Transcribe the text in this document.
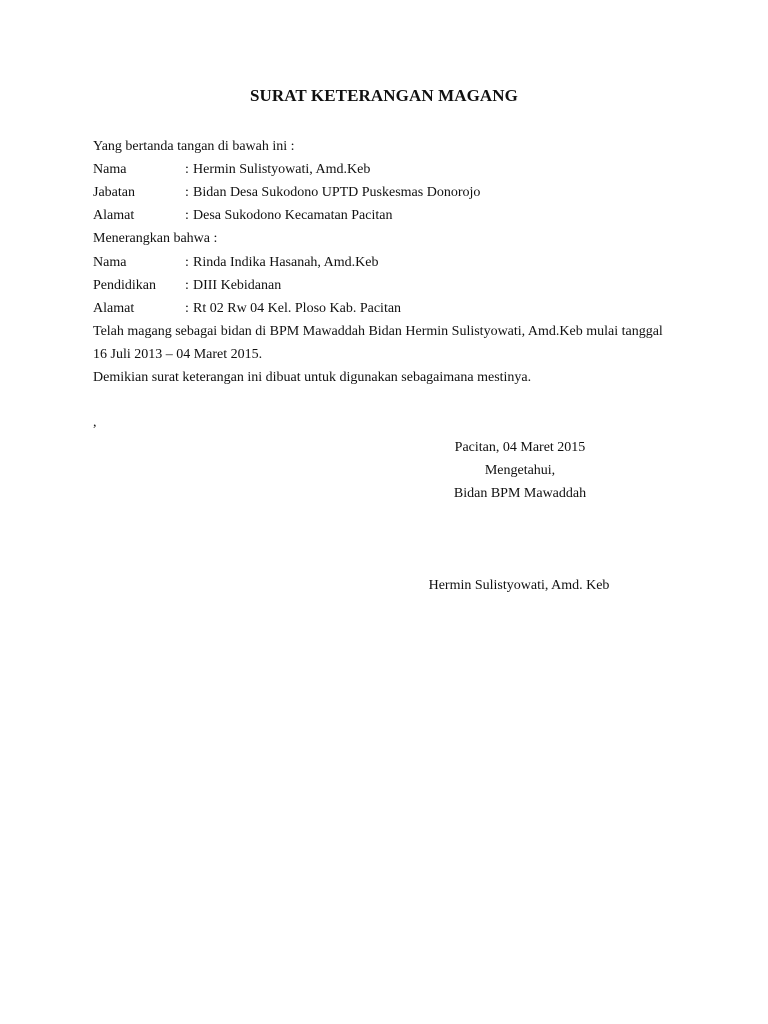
SURAT KETERANGAN MAGANG
Yang bertanda tangan di bawah ini :
Nama	: Hermin Sulistyowati, Amd.Keb
Jabatan	: Bidan Desa Sukodono UPTD Puskesmas Donorojo
Alamat	: Desa Sukodono Kecamatan Pacitan
Menerangkan bahwa :
Nama	: Rinda Indika Hasanah, Amd.Keb
Pendidikan : DIII Kebidanan
Alamat	: Rt 02 Rw 04 Kel. Ploso Kab. Pacitan
Telah magang sebagai bidan di BPM Mawaddah Bidan Hermin Sulistyowati, Amd.Keb mulai tanggal
16 Juli 2013 – 04 Maret 2015.
Demikian surat keterangan ini dibuat untuk digunakan sebagaimana mestinya.
,
Pacitan, 04 Maret 2015
Mengetahui,
Bidan BPM Mawaddah
Hermin Sulistyowati, Amd. Keb
